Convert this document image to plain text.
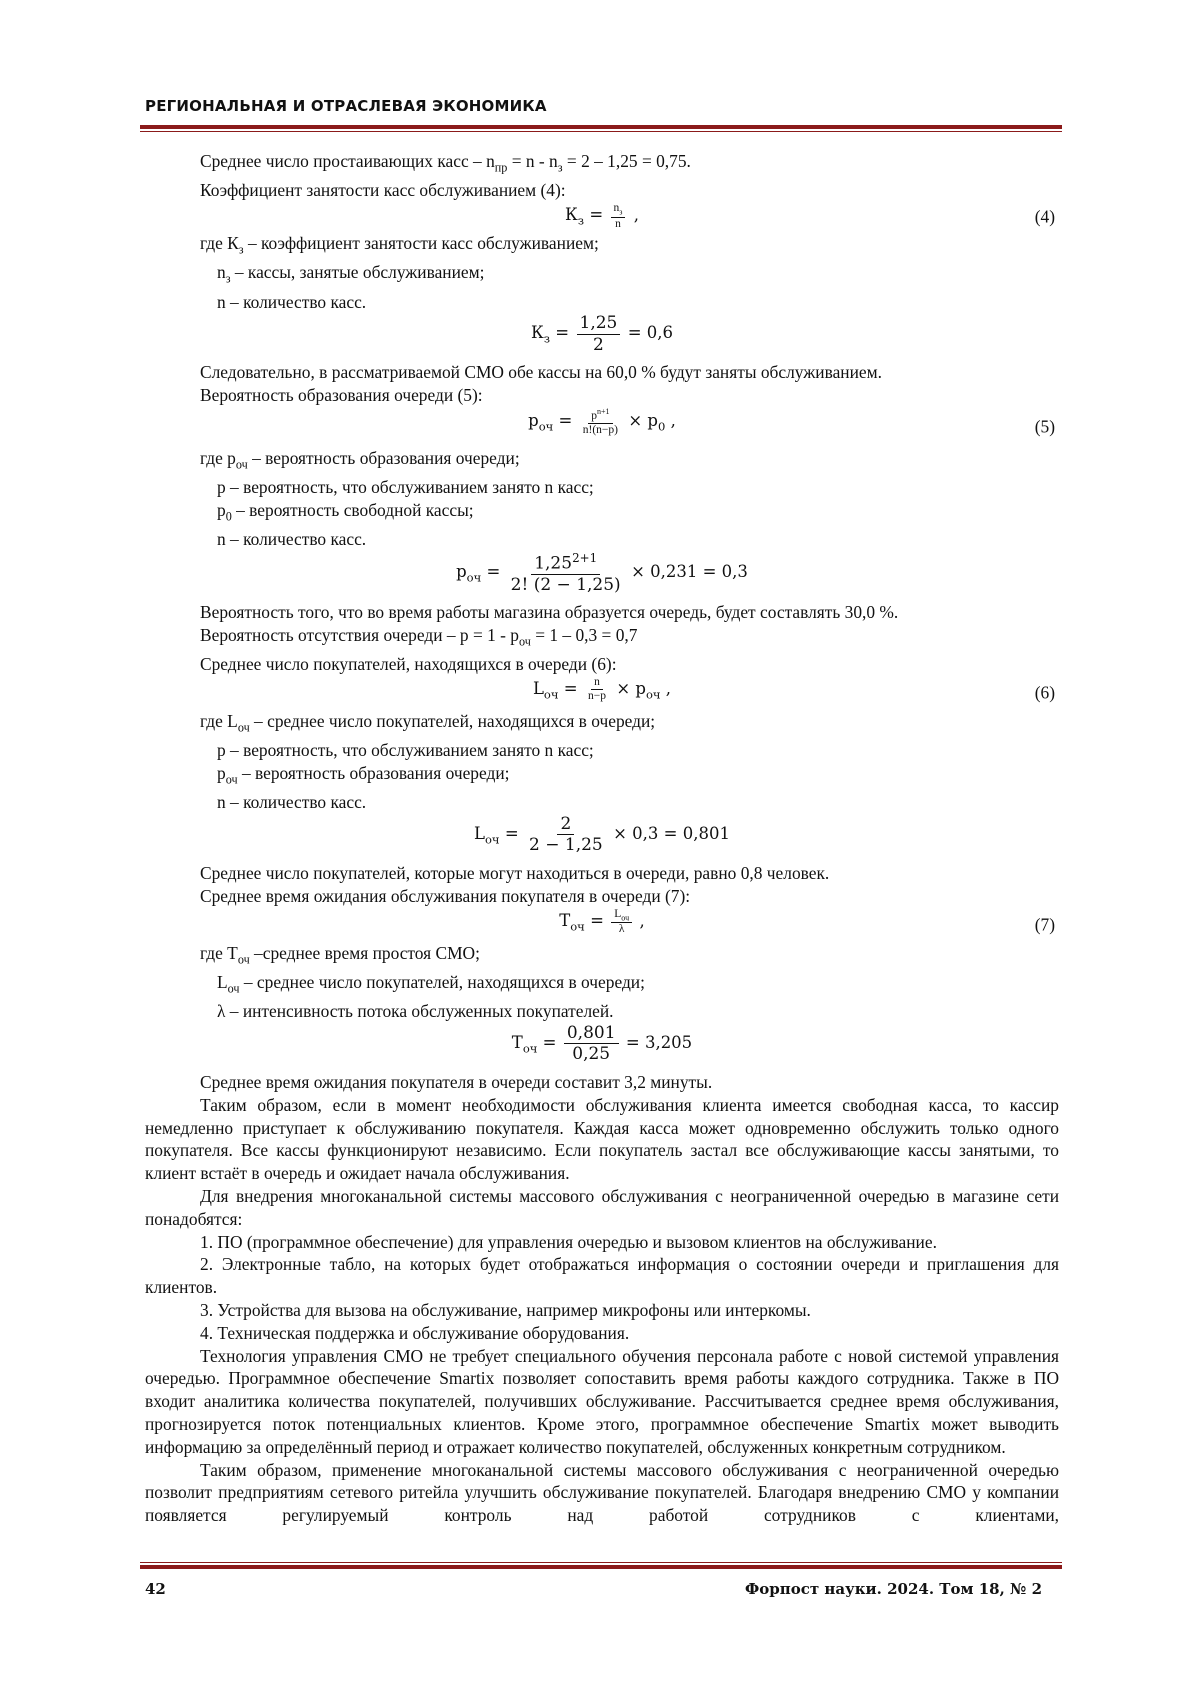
РЕГИОНАЛЬНАЯ И ОТРАСЛЕВАЯ ЭКОНОМИКА

Среднее число простаивающих касс – $n_{пр} = n - n_з = 2 - 1,25 = 0,75$.

Коэффициент занятости касс обслуживанием (4):

$К_з = \frac{n_з}{n}$ ,	(4)

где $К_з$ – коэффициент занятости касс обслуживанием;

$n_з$ – кассы, занятые обслуживанием;

n – количество касс.

$К_з = \frac{1,25}{2} = 0,6$

Следовательно, в рассматриваемой СМО обе кассы на 60,0 % будут заняты обслуживанием.

Вероятность образования очереди (5):

$p_{оч} = \frac{p^{n+1}}{n!(n-p)} \times p_0$ ,	(5)

где $p_{оч}$ – вероятность образования очереди;

p – вероятность, что обслуживанием занято n касс;

$p_0$ – вероятность свободной кассы;

n – количество касс.

$p_{оч} = \frac{1,25^{2+1}}{2! (2 - 1,25)} \times 0,231 = 0,3$

Вероятность того, что во время работы магазина образуется очередь, будет составлять 30,0 %.

Вероятность отсутствия очереди – $p = 1 - p_{оч} = 1 - 0,3 = 0,7$

Среднее число покупателей, находящихся в очереди (6):

$L_{оч} = \frac{n}{n-p} \times p_{оч}$ ,	(6)

где $L_{оч}$ – среднее число покупателей, находящихся в очереди;

p – вероятность, что обслуживанием занято n касс;

$p_{оч}$ – вероятность образования очереди;

n – количество касс.

$L_{оч} = \frac{2}{2 - 1,25} \times 0,3 = 0,801$

Среднее число покупателей, которые могут находиться в очереди, равно 0,8 человек.

Среднее время ожидания обслуживания покупателя в очереди (7):

$T_{оч} = \frac{L_{оч}}{\lambda}$ ,	(7)

где $Т_{оч}$ –среднее время простоя СМО;

$L_{оч}$ – среднее число покупателей, находящихся в очереди;

λ – интенсивность потока обслуженных покупателей.

$T_{оч} = \frac{0,801}{0,25} = 3,205$

Среднее время ожидания покупателя в очереди составит 3,2 минуты.

Таким образом, если в момент необходимости обслуживания клиента имеется свободная касса, то кассир немедленно приступает к обслуживанию покупателя. Каждая касса может одновременно обслужить только одного покупателя. Все кассы функционируют независимо. Если покупатель застал все обслуживающие кассы занятыми, то клиент встаёт в очередь и ожидает начала обслуживания.

Для внедрения многоканальной системы массового обслуживания с неограниченной очередью в магазине сети понадобятся:

1. ПО (программное обеспечение) для управления очередью и вызовом клиентов на обслуживание.

2. Электронные табло, на которых будет отображаться информация о состоянии очереди и приглашения для клиентов.

3. Устройства для вызова на обслуживание, например микрофоны или интеркомы.

4. Техническая поддержка и обслуживание оборудования.

Технология управления СМО не требует специального обучения персонала работе с новой системой управления очередью. Программное обеспечение Smartix позволяет сопоставить время работы каждого сотрудника. Также в ПО входит аналитика количества покупателей, получивших обслуживание. Рассчитывается среднее время обслуживания, прогнозируется поток потенциальных клиентов. Кроме этого, программное обеспечение Smartix может выводить информацию за определённый период и отражает количество покупателей, обслуженных конкретным сотрудником.

Таким образом, применение многоканальной системы массового обслуживания с неограниченной очередью позволит предприятиям сетевого ритейла улучшить обслуживание покупателей. Благодаря внедрению СМО у компании появляется регулируемый контроль над работой сотрудников с клиентами,

42	Форпост науки. 2024. Том 18, № 2
